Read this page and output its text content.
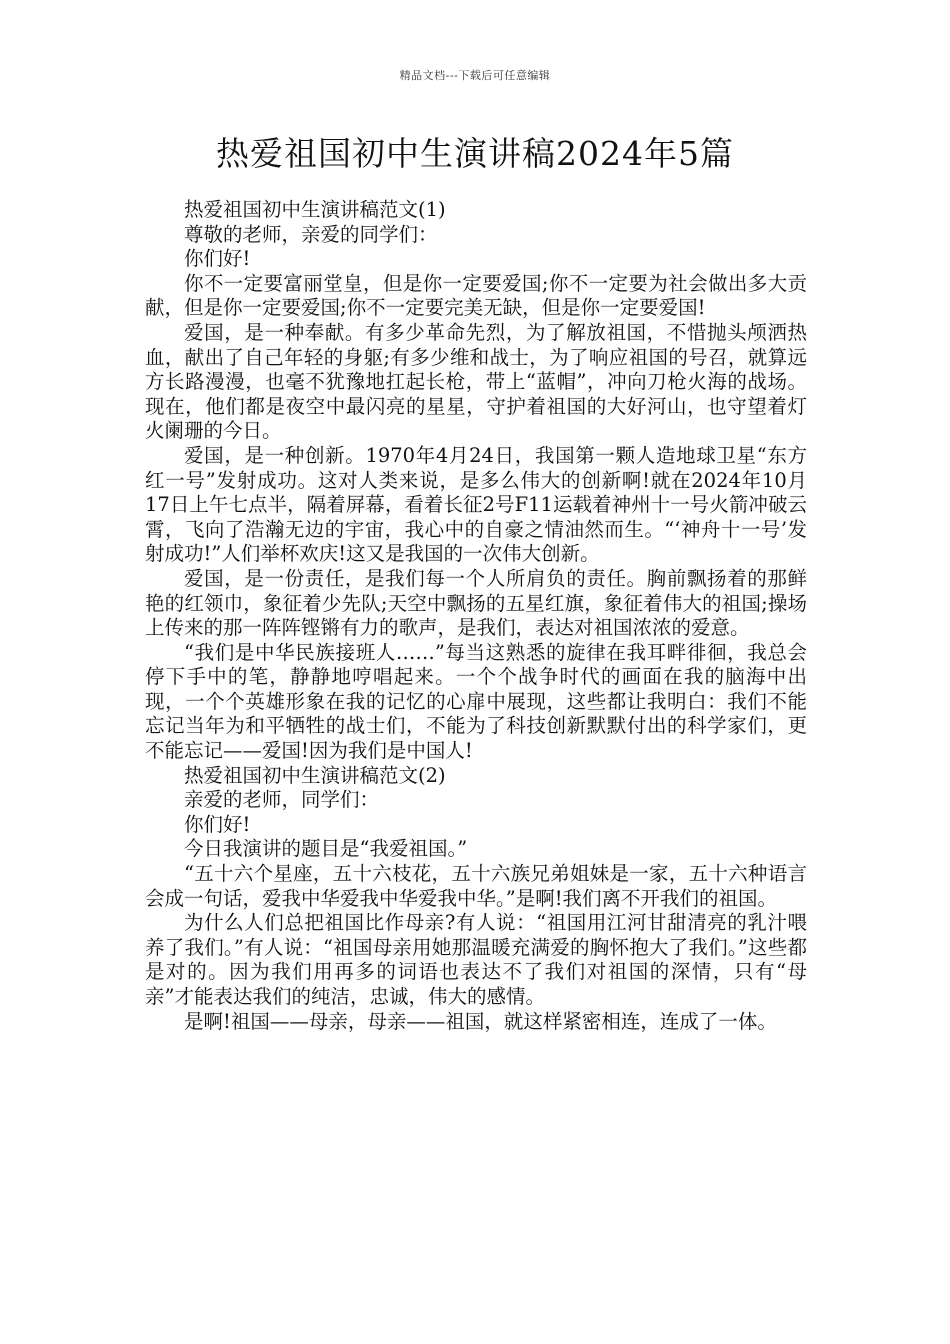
精品文档---下载后可任意编辑
热爱祖国初中生演讲稿2024年5篇

热爱祖国初中生演讲稿范文(1)

尊敬的老师，亲爱的同学们：

你们好!

你不一定要富丽堂皇，但是你一定要爱国;你不一定要为社会做出多大贡献，但是你一定要爱国;你不一定要完美无缺，但是你一定要爱国!

爱国，是一种奉献。有多少革命先烈，为了解放祖国，不惜抛头颅洒热血，献出了自己年轻的身躯;有多少维和战士，为了响应祖国的号召，就算远方长路漫漫，也毫不犹豫地扛起长枪，带上“蓝帽”，冲向刀枪火海的战场。现在，他们都是夜空中最闪亮的星星，守护着祖国的大好河山，也守望着灯火阑珊的今日。

爱国，是一种创新。1970年4月24日，我国第一颗人造地球卫星“东方红一号”发射成功。这对人类来说，是多么伟大的创新啊!就在2024年10月17日上午七点半，隔着屏幕，看着长征2号F11运载着神州十一号火箭冲破云霄，飞向了浩瀚无边的宇宙，我心中的自豪之情油然而生。“‘神舟十一号’发射成功!”人们举杯欢庆!这又是我国的一次伟大创新。

爱国，是一份责任，是我们每一个人所肩负的责任。胸前飘扬着的那鲜艳的红领巾，象征着少先队;天空中飘扬的五星红旗，象征着伟大的祖国;操场上传来的那一阵阵铿锵有力的歌声，是我们，表达对祖国浓浓的爱意。

“我们是中华民族接班人……”每当这熟悉的旋律在我耳畔徘徊，我总会停下手中的笔，静静地哼唱起来。一个个战争时代的画面在我的脑海中出现，一个个英雄形象在我的记忆的心扉中展现，这些都让我明白：我们不能忘记当年为和平牺牲的战士们，不能为了科技创新默默付出的科学家们，更不能忘记——爱国!因为我们是中国人!

热爱祖国初中生演讲稿范文(2)

亲爱的老师，同学们：

你们好!

今日我演讲的题目是“我爱祖国。”

“五十六个星座，五十六枝花，五十六族兄弟姐妹是一家，五十六种语言会成一句话，爱我中华爱我中华爱我中华。”是啊!我们离不开我们的祖国。

为什么人们总把祖国比作母亲?有人说：“祖国用江河甘甜清亮的乳汁喂养了我们。”有人说：“祖国母亲用她那温暖充满爱的胸怀抱大了我们。”这些都是对的。因为我们用再多的词语也表达不了我们对祖国的深情，只有“母亲”才能表达我们的纯洁，忠诚，伟大的感情。

是啊!祖国——母亲，母亲——祖国，就这样紧密相连，连成了一体。
